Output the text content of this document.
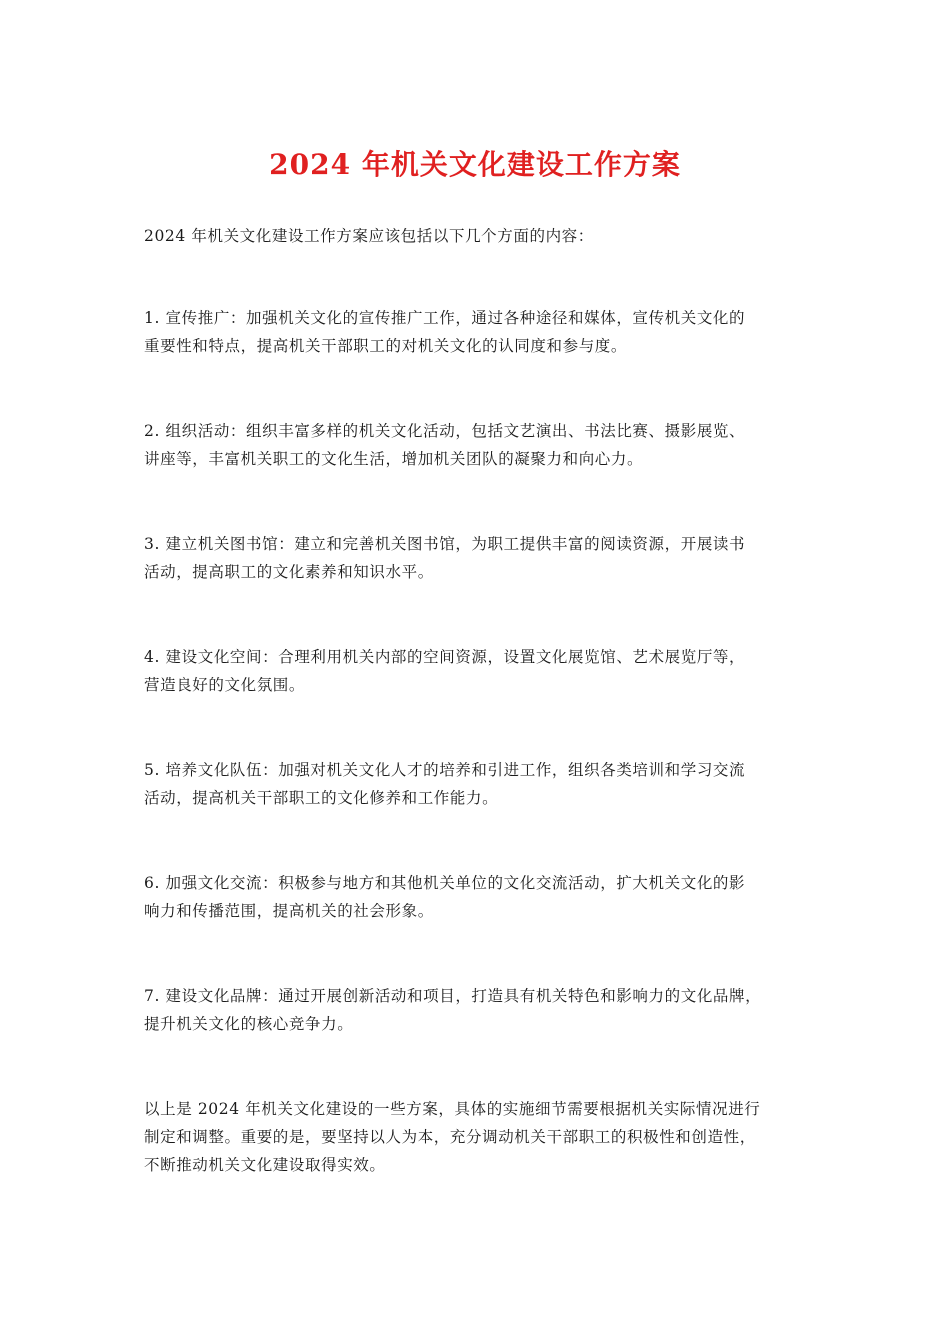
2024 年机关文化建设工作方案

2024 年机关文化建设工作方案应该包括以下几个方面的内容：

1. 宣传推广：加强机关文化的宣传推广工作，通过各种途径和媒体，宣传机关文化的
重要性和特点，提高机关干部职工的对机关文化的认同度和参与度。

2. 组织活动：组织丰富多样的机关文化活动，包括文艺演出、书法比赛、摄影展览、
讲座等，丰富机关职工的文化生活，增加机关团队的凝聚力和向心力。

3. 建立机关图书馆：建立和完善机关图书馆，为职工提供丰富的阅读资源，开展读书
活动，提高职工的文化素养和知识水平。

4. 建设文化空间：合理利用机关内部的空间资源，设置文化展览馆、艺术展览厅等，
营造良好的文化氛围。

5. 培养文化队伍：加强对机关文化人才的培养和引进工作，组织各类培训和学习交流
活动，提高机关干部职工的文化修养和工作能力。

6. 加强文化交流：积极参与地方和其他机关单位的文化交流活动，扩大机关文化的影
响力和传播范围，提高机关的社会形象。

7. 建设文化品牌：通过开展创新活动和项目，打造具有机关特色和影响力的文化品牌，
提升机关文化的核心竞争力。

以上是 2024 年机关文化建设的一些方案，具体的实施细节需要根据机关实际情况进行
制定和调整。重要的是，要坚持以人为本，充分调动机关干部职工的积极性和创造性，
不断推动机关文化建设取得实效。
